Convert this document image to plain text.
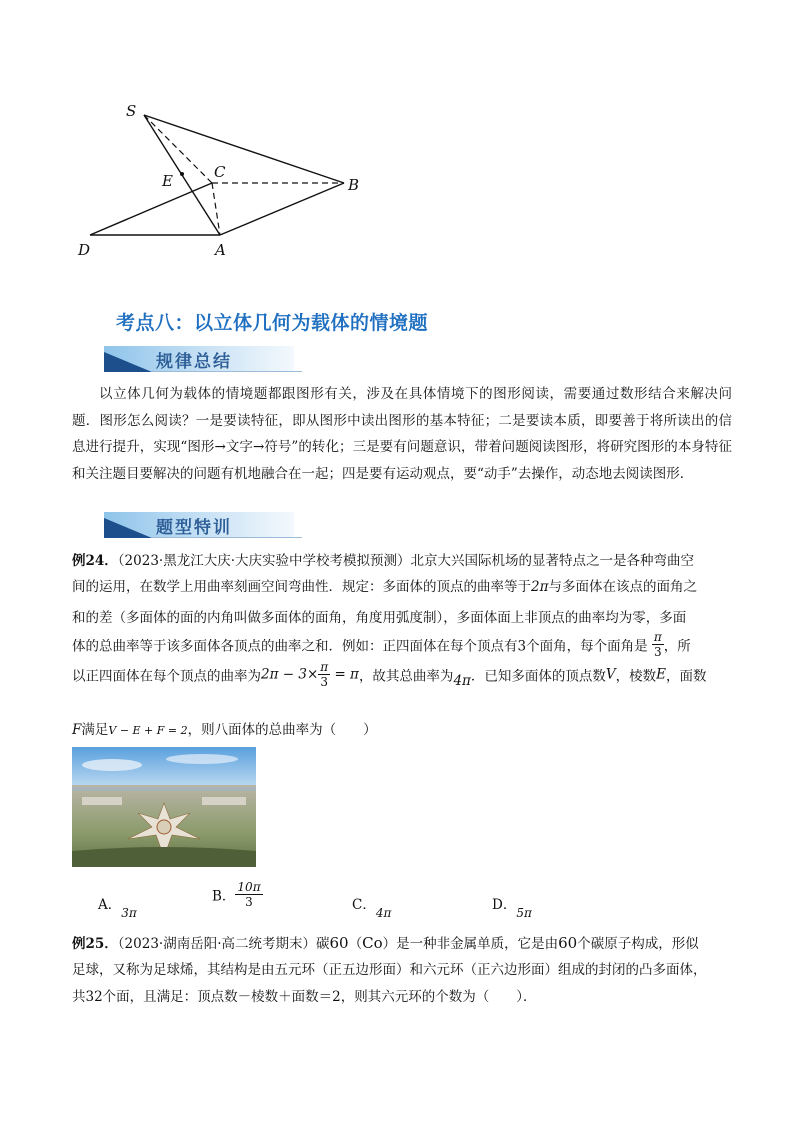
S
E	C
B
D	A
考点八：以立体几何为载体的情境题
规律总结
以立体几何为载体的情境题都跟图形有关，涉及在具体情境下的图形阅读，需要通过数形结合来解决问题．图形怎么阅读？一是要读特征，即从图形中读出图形的基本特征；二是要读本质，即要善于将所读出的信息进行提升，实现“图形→文字→符号”的转化；三是要有问题意识，带着问题阅读图形，将研究图形的本身特征和关注题目要解决的问题有机地融合在一起；四是要有运动观点，要“动手”去操作，动态地去阅读图形．
题型特训
例24．（2023·黑龙江大庆·大庆实验中学校考模拟预测）北京大兴国际机场的显著特点之一是各种弯曲空
间的运用，在数学上用曲率刻画空间弯曲性．规定：多面体的顶点的曲率等于2π与多面体在该点的面角之
和的差（多面体的面的内角叫做多面体的面角，角度用弧度制），多面体面上非顶点的曲率均为零，多面
体的总曲率等于该多面体各顶点的曲率之和．例如：正四面体在每个顶点有3个面角，每个面角是 $\frac{\pi}{3}$ ，所
以正四面体在每个顶点的曲率为$2\pi - 3\times \frac{\pi}{3} = \pi$，故其总曲率为4π．已知多面体的顶点数V，棱数E，面数
F满足V − E + F = 2，则八面体的总曲率为（　　）
A．3π
B． $\frac{10\pi}{3}$	C．4π	D．5π
例25．（2023·湖南岳阳·高二统考期末）碳60（Co）是一种非金属单质，它是由60个碳原子构成，形似
足球，又称为足球烯，其结构是由五元环（正五边形面）和六元环（正六边形面）组成的封闭的凸多面体，
共32个面，且满足：顶点数－棱数＋面数＝2，则其六元环的个数为（　　）．
